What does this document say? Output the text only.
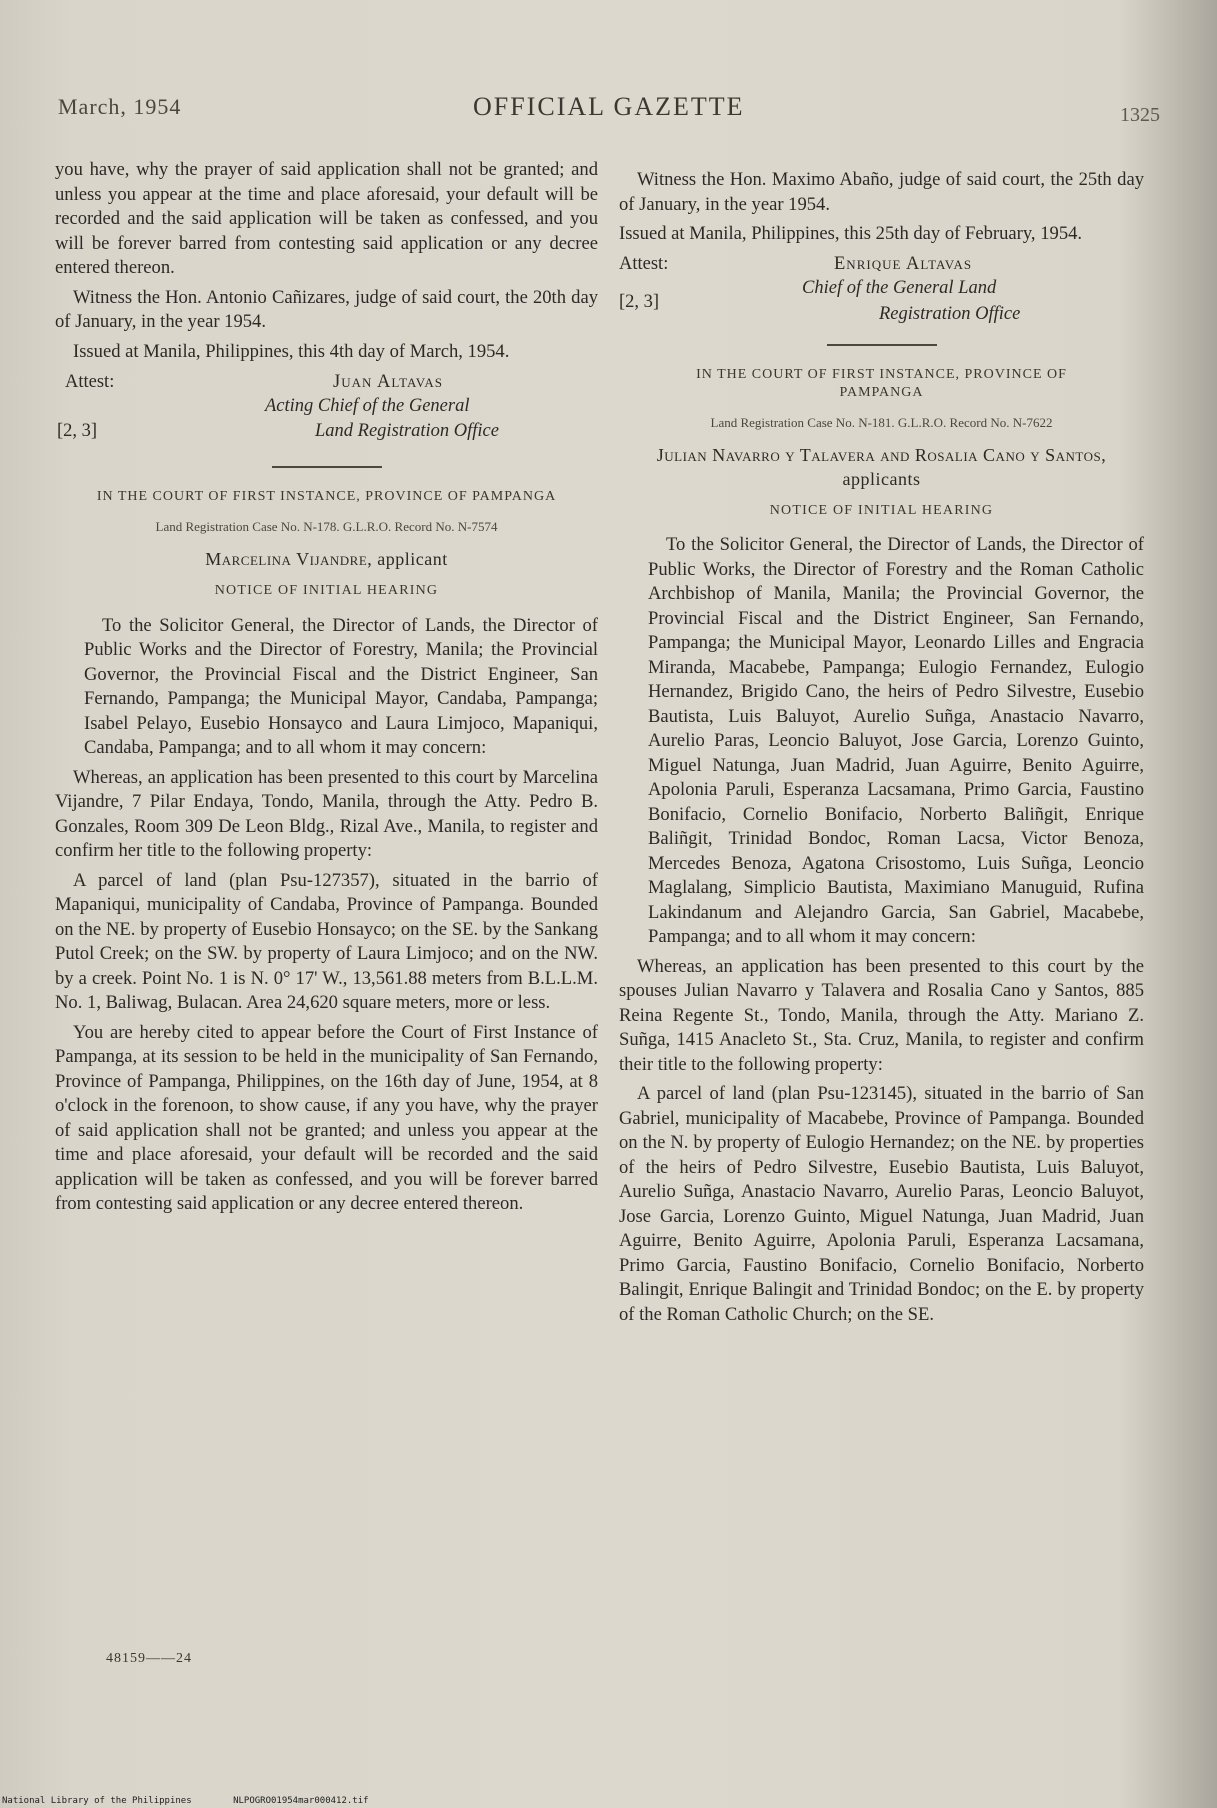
March, 1954	OFFICIAL GAZETTE	1325

you have, why the prayer of said application shall not be granted; and unless you appear at the time and place aforesaid, your default will be recorded and the said application will be taken as confessed, and you will be forever barred from contesting said application or any decree entered thereon.

Witness the Hon. Antonio Cañizares, judge of said court, the 20th day of January, in the year 1954.

Issued at Manila, Philippines, this 4th day of March, 1954.

Attest:	Juan Altavas
Acting Chief of the General
[2, 3]	Land Registration Office
IN THE COURT OF FIRST INSTANCE, PROVINCE OF PAMPANGA
Land Registration Case No. N-178. G.L.R.O. Record No. N-7574
Marcelina Vijandre, applicant
NOTICE OF INITIAL HEARING

To the Solicitor General, the Director of Lands, the Director of Public Works and the Director of Forestry, Manila; the Provincial Governor, the Provincial Fiscal and the District Engineer, San Fernando, Pampanga; the Municipal Mayor, Candaba, Pampanga; Isabel Pelayo, Eusebio Honsayco and Laura Limjoco, Mapaniqui, Candaba, Pampanga; and to all whom it may concern:

Whereas, an application has been presented to this court by Marcelina Vijandre, 7 Pilar Endaya, Tondo, Manila, through the Atty. Pedro B. Gonzales, Room 309 De Leon Bldg., Rizal Ave., Manila, to register and confirm her title to the following property:

A parcel of land (plan Psu-127357), situated in the barrio of Mapaniqui, municipality of Candaba, Province of Pampanga. Bounded on the NE. by property of Eusebio Honsayco; on the SE. by the Sankang Putol Creek; on the SW. by property of Laura Limjoco; and on the NW. by a creek. Point No. 1 is N. 0° 17' W., 13,561.88 meters from B.L.L.M. No. 1, Baliwag, Bulacan. Area 24,620 square meters, more or less.

You are hereby cited to appear before the Court of First Instance of Pampanga, at its session to be held in the municipality of San Fernando, Province of Pampanga, Philippines, on the 16th day of June, 1954, at 8 o'clock in the forenoon, to show cause, if any you have, why the prayer of said application shall not be granted; and unless you appear at the time and place aforesaid, your default will be recorded and the said application will be taken as confessed, and you will be forever barred from contesting said application or any decree entered thereon.

48159——24

Witness the Hon. Maximo Abaño, judge of said court, the 25th day of January, in the year 1954.

Issued at Manila, Philippines, this 25th day of February, 1954.

Attest:	Enrique Altavas
Chief of the General Land
[2, 3]
Registration Office
IN THE COURT OF FIRST INSTANCE, PROVINCE OF PAMPANGA
Land Registration Case No. N-181. G.L.R.O. Record No. N-7622
Julian Navarro y Talavera and Rosalia Cano y Santos, applicants
NOTICE OF INITIAL HEARING

To the Solicitor General, the Director of Lands, the Director of Public Works, the Director of Forestry and the Roman Catholic Archbishop of Manila, Manila; the Provincial Governor, the Provincial Fiscal and the District Engineer, San Fernando, Pampanga; the Municipal Mayor, Leonardo Lilles and Engracia Miranda, Macabebe, Pampanga; Eulogio Fernandez, Eulogio Hernandez, Brigido Cano, the heirs of Pedro Silvestre, Eusebio Bautista, Luis Baluyot, Aurelio Suñga, Anastacio Navarro, Aurelio Paras, Leoncio Baluyot, Jose Garcia, Lorenzo Guinto, Miguel Natunga, Juan Madrid, Juan Aguirre, Benito Aguirre, Apolonia Paruli, Esperanza Lacsamana, Primo Garcia, Faustino Bonifacio, Cornelio Bonifacio, Norberto Baliñgit, Enrique Baliñgit, Trinidad Bondoc, Roman Lacsa, Victor Benoza, Mercedes Benoza, Agatona Crisostomo, Luis Suñga, Leoncio Maglalang, Simplicio Bautista, Maximiano Manuguid, Rufina Lakindanum and Alejandro Garcia, San Gabriel, Macabebe, Pampanga; and to all whom it may concern:

Whereas, an application has been presented to this court by the spouses Julian Navarro y Talavera and Rosalia Cano y Santos, 885 Reina Regente St., Tondo, Manila, through the Atty. Mariano Z. Suñga, 1415 Anacleto St., Sta. Cruz, Manila, to register and confirm their title to the following property:

A parcel of land (plan Psu-123145), situated in the barrio of San Gabriel, municipality of Macabebe, Province of Pampanga. Bounded on the N. by property of Eulogio Hernandez; on the NE. by properties of the heirs of Pedro Silvestre, Eusebio Bautista, Luis Baluyot, Aurelio Suñga, Anastacio Navarro, Aurelio Paras, Leoncio Baluyot, Jose Garcia, Lorenzo Guinto, Miguel Natunga, Juan Madrid, Juan Aguirre, Benito Aguirre, Apolonia Paruli, Esperanza Lacsamana, Primo Garcia, Faustino Bonifacio, Cornelio Bonifacio, Norberto Balingit, Enrique Balingit and Trinidad Bondoc; on the E. by property of the Roman Catholic Church; on the SE.

National Library of the Philippines	NLPOGRO01954mar000412.tif
